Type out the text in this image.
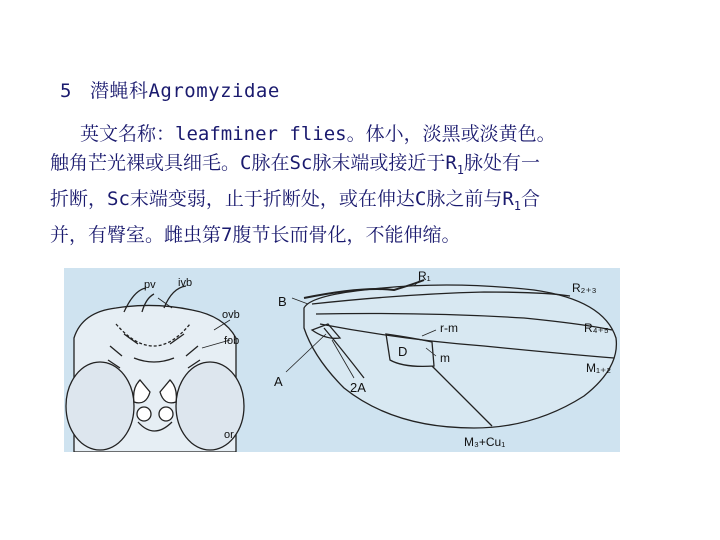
5 潜蝇科Agromyzidae

英文名称：leafminer flies。体小，淡黑或淡黄色。
触角芒光裸或具细毛。C脉在Sc脉末端或接近于$R_1$脉处有一
折断，Sc末端变弱，止于折断处，或在伸达C脉之前与$R_1$合
并，有臀室。雌虫第7腹节长而骨化，不能伸缩。

pv ivb
ovb
fob
or
B
A	2A
D
R₁
R₂₊₃
R₄₊₅
M₁₊₂
r-m
m
M₃+Cu₁
